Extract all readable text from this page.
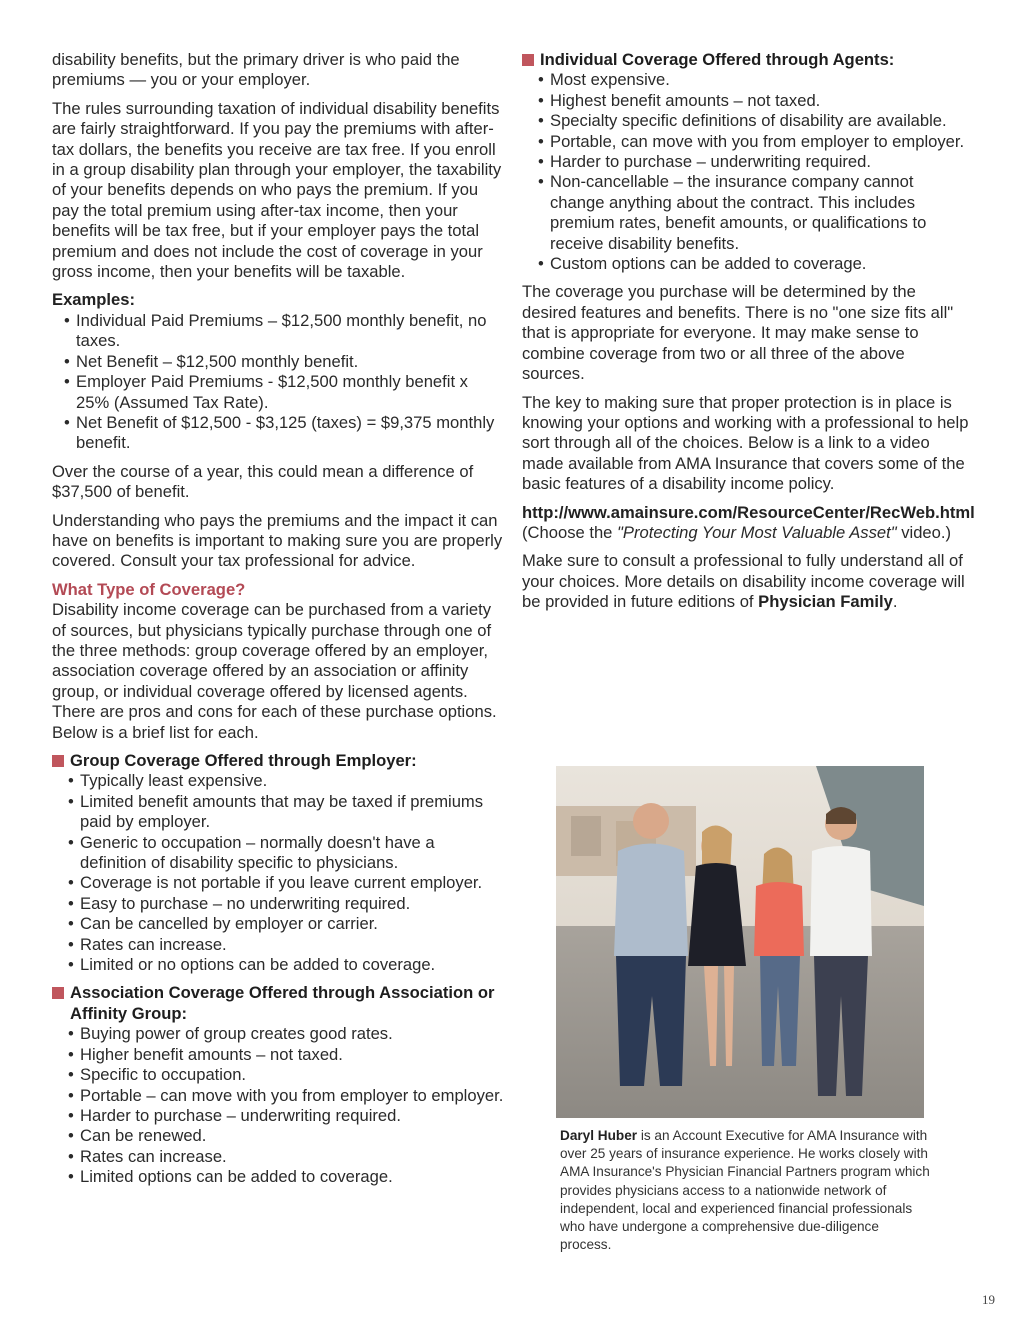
disability benefits, but the primary driver is who paid the premiums — you or your employer.

The rules surrounding taxation of individual disability benefits are fairly straightforward. If you pay the premiums with after-tax dollars, the benefits you receive are tax free. If you enroll in a group disability plan through your employer, the taxability of your benefits depends on who pays the premium. If you pay the total premium using after-tax income, then your benefits will be tax free, but if your employer pays the total premium and does not include the cost of coverage in your gross income, then your benefits will be taxable.

Examples:
• Individual Paid Premiums – $12,500 monthly benefit, no taxes.
• Net Benefit – $12,500 monthly benefit.
• Employer Paid Premiums - $12,500 monthly benefit x 25% (Assumed Tax Rate).
• Net Benefit of $12,500 - $3,125 (taxes) = $9,375 monthly benefit.

Over the course of a year, this could mean a difference of $37,500 of benefit.

Understanding who pays the premiums and the impact it can have on benefits is important to making sure you are properly covered. Consult your tax professional for advice.

What Type of Coverage?

Disability income coverage can be purchased from a variety of sources, but physicians typically purchase through one of the three methods: group coverage offered by an employer, association coverage offered by an association or affinity group, or individual coverage offered by licensed agents. There are pros and cons for each of these purchase options. Below is a brief list for each.

Group Coverage Offered through Employer:
• Typically least expensive.
• Limited benefit amounts that may be taxed if premiums paid by employer.
• Generic to occupation – normally doesn't have a definition of disability specific to physicians.
• Coverage is not portable if you leave current employer.
• Easy to purchase – no underwriting required.
• Can be cancelled by employer or carrier.
• Rates can increase.
• Limited or no options can be added to coverage.
Association Coverage Offered through Association or Affinity Group:
• Buying power of group creates good rates.
• Higher benefit amounts – not taxed.
• Specific to occupation.
• Portable – can move with you from employer to employer.
• Harder to purchase – underwriting required.
• Can be renewed.
• Rates can increase.
• Limited options can be added to coverage.
Individual Coverage Offered through Agents:
• Most expensive.
• Highest benefit amounts – not taxed.
• Specialty specific definitions of disability are available.
• Portable, can move with you from employer to employer.
• Harder to purchase – underwriting required.
• Non-cancellable – the insurance company cannot change anything about the contract. This includes premium rates, benefit amounts, or qualifications to receive disability benefits.
• Custom options can be added to coverage.

The coverage you purchase will be determined by the desired features and benefits. There is no "one size fits all" that is appropriate for everyone. It may make sense to combine coverage from two or all three of the above sources.

The key to making sure that proper protection is in place is knowing your options and working with a professional to help sort through all of the choices. Below is a link to a video made available from AMA Insurance that covers some of the basic features of a disability income policy.

http://www.amainsure.com/ResourceCenter/RecWeb.html (Choose the "Protecting Your Most Valuable Asset" video.)

Make sure to consult a professional to fully understand all of your choices. More details on disability income coverage will be provided in future editions of Physician Family.

Daryl Huber is an Account Executive for AMA Insurance with over 25 years of insurance experience. He works closely with AMA Insurance's Physician Financial Partners program which provides physicians access to a nationwide network of independent, local and experienced financial professionals who have undergone a comprehensive due-diligence process.
19
